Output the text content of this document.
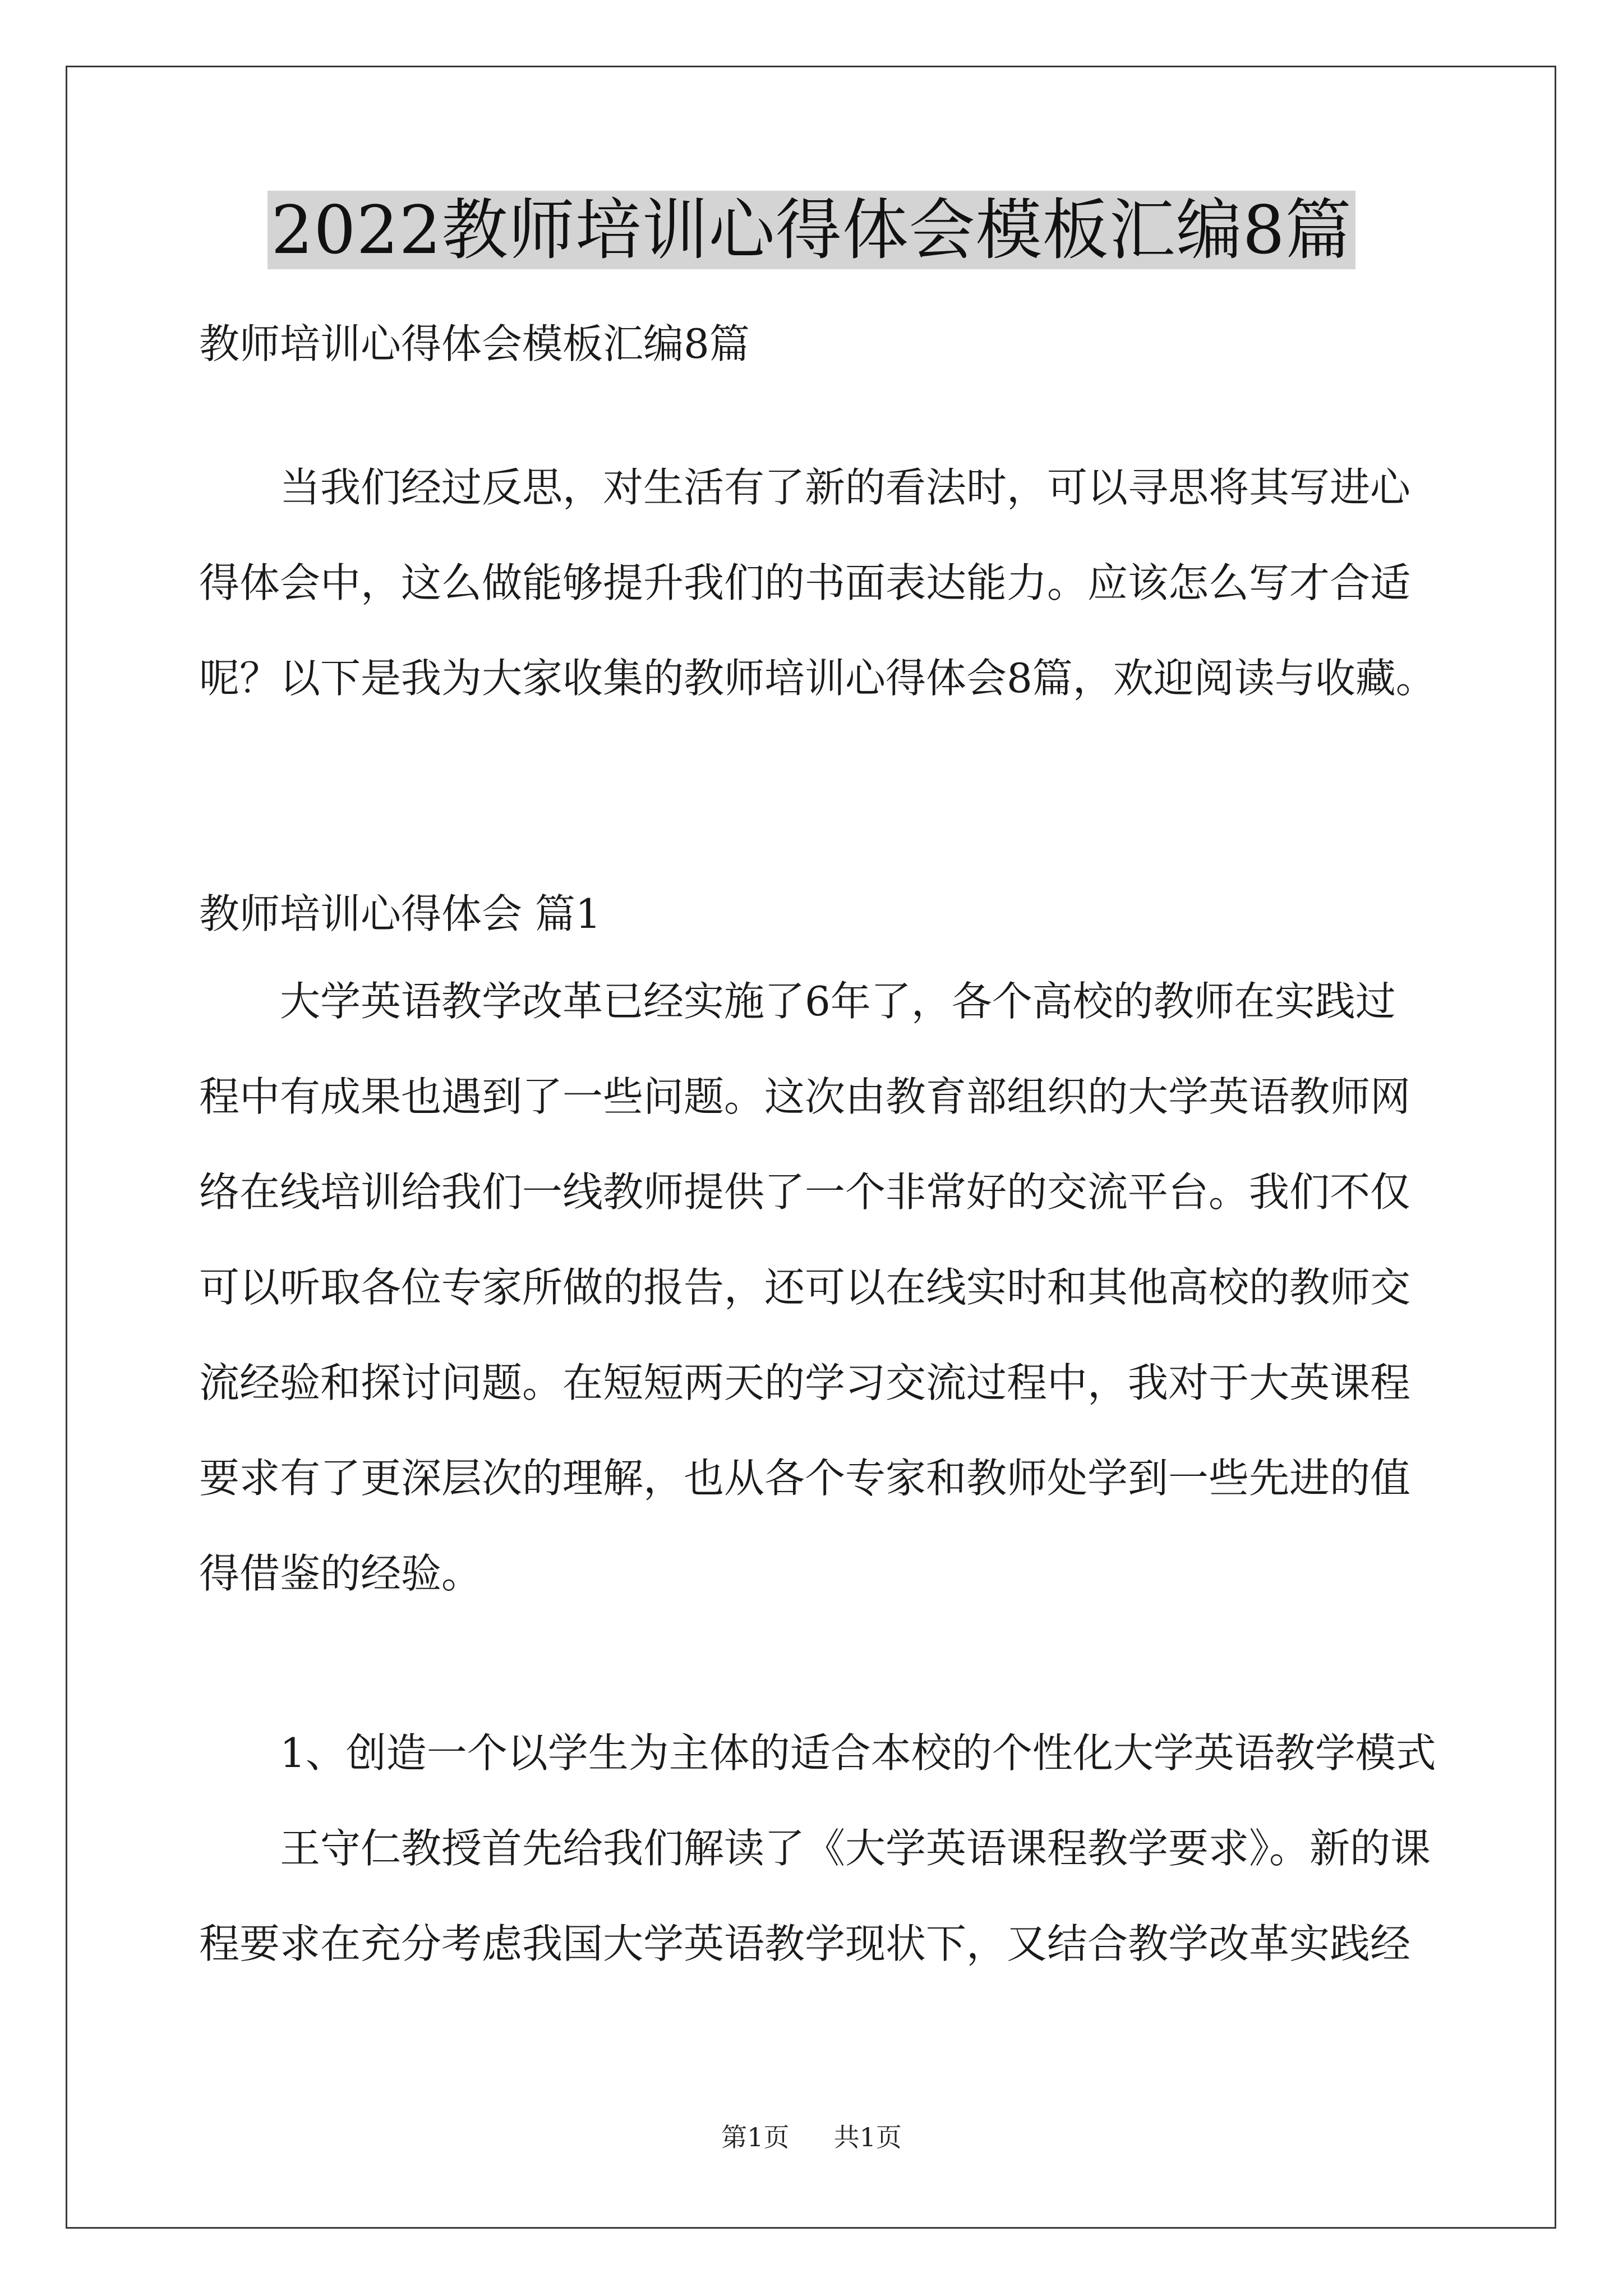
2022教师培训心得体会模板汇编8篇
教师培训心得体会模板汇编8篇
　　当我们经过反思，对生活有了新的看法时，可以寻思将其写进心
得体会中，这么做能够提升我们的书面表达能力。应该怎么写才合适
呢？以下是我为大家收集的教师培训心得体会8篇，欢迎阅读与收藏。
教师培训心得体会 篇1
　　大学英语教学改革已经实施了6年了，各个高校的教师在实践过
程中有成果也遇到了一些问题。这次由教育部组织的大学英语教师网
络在线培训给我们一线教师提供了一个非常好的交流平台。我们不仅
可以听取各位专家所做的报告，还可以在线实时和其他高校的教师交
流经验和探讨问题。在短短两天的学习交流过程中，我对于大英课程
要求有了更深层次的理解，也从各个专家和教师处学到一些先进的值
得借鉴的经验。
　　1、创造一个以学生为主体的适合本校的个性化大学英语教学模式
　　王守仁教授首先给我们解读了《大学英语课程教学要求》。新的课
程要求在充分考虑我国大学英语教学现状下，又结合教学改革实践经
第1页 共1页
